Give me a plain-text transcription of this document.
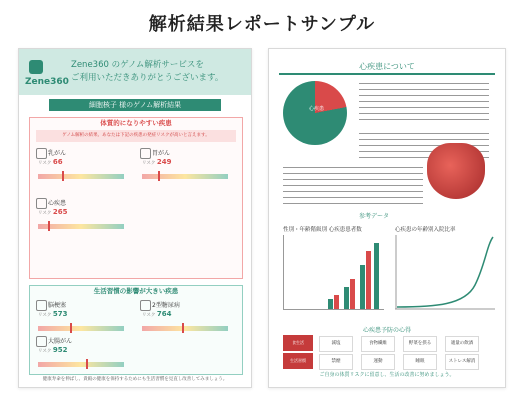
解析結果レポートサンプル
Zene360
Zene360 のゲノム解析サービスを
ご利用いただきありがとうございます。
細胞核子 様のゲノム解析結果
体質的になりやすい疾患
ゲノム解析の結果、あなたは下記の疾患の発症リスクが高いと言えます。
乳がん
リスク 66
胃がん
リスク 249
心疾患
リスク 265
生活習慣の影響が大きい疾患
脳梗塞
リスク 573
2型糖尿病
リスク 764
大腸がん
リスク 952
健康寿命を伸ばし、貴殿の健康を保持するためにも生活習慣を見直し改善してみましょう。
心疾患について
心疾患
参考データ
性別・年齢階級別 心疾患患者数	心疾患の年齢別入院比率
心疾患予防の心得
食生活	減塩	食物繊維	野菜を摂る	適量の飲酒
生活習慣	禁煙	運動	睡眠	ストレス解消
ご自身の体質リスクに留意し、生活の改善に努めましょう。
